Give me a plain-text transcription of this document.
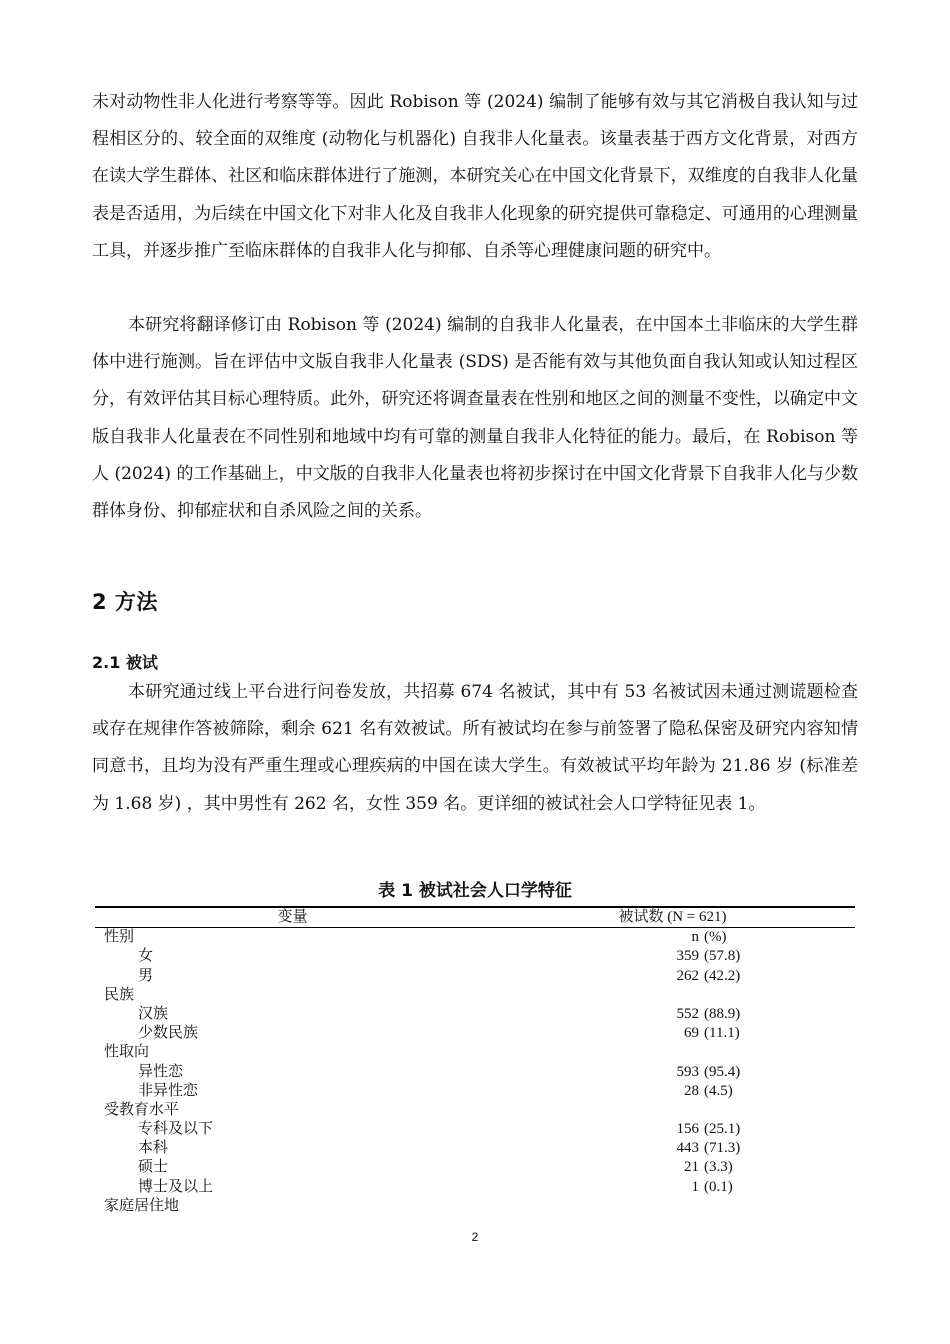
未对动物性非人化进行考察等等。因此 Robison 等 (2024) 编制了能够有效与其它消极自我认知与过程相区分的、较全面的双维度 (动物化与机器化) 自我非人化量表。该量表基于西方文化背景，对西方在读大学生群体、社区和临床群体进行了施测，本研究关心在中国文化背景下，双维度的自我非人化量表是否适用，为后续在中国文化下对非人化及自我非人化现象的研究提供可靠稳定、可通用的心理测量工具，并逐步推广至临床群体的自我非人化与抑郁、自杀等心理健康问题的研究中。

本研究将翻译修订由 Robison 等 (2024) 编制的自我非人化量表，在中国本土非临床的大学生群体中进行施测。旨在评估中文版自我非人化量表 (SDS) 是否能有效与其他负面自我认知或认知过程区分，有效评估其目标心理特质。此外，研究还将调查量表在性别和地区之间的测量不变性，以确定中文版自我非人化量表在不同性别和地域中均有可靠的测量自我非人化特征的能力。最后，在 Robison 等人 (2024) 的工作基础上，中文版的自我非人化量表也将初步探讨在中国文化背景下自我非人化与少数群体身份、抑郁症状和自杀风险之间的关系。

2 方法
2.1 被试

本研究通过线上平台进行问卷发放，共招募 674 名被试，其中有 53 名被试因未通过测谎题检查或存在规律作答被筛除，剩余 621 名有效被试。所有被试均在参与前签署了隐私保密及研究内容知情同意书，且均为没有严重生理或心理疾病的中国在读大学生。有效被试平均年龄为 21.86 岁 (标准差为 1.68 岁) ，其中男性有 262 名，女性 359 名。更详细的被试社会人口学特征见表 1。

表 1 被试社会人口学特征

变量	被试数 (N = 621)
性别	n (%)
女	359 (57.8)
男	262 (42.2)
民族
汉族	552 (88.9)
少数民族	69 (11.1)
性取向
异性恋	593 (95.4)
非异性恋	28 (4.5)
受教育水平
专科及以下	156 (25.1)
本科	443 (71.3)
硕士	21 (3.3)
博士及以上	1 (0.1)
家庭居住地
2
